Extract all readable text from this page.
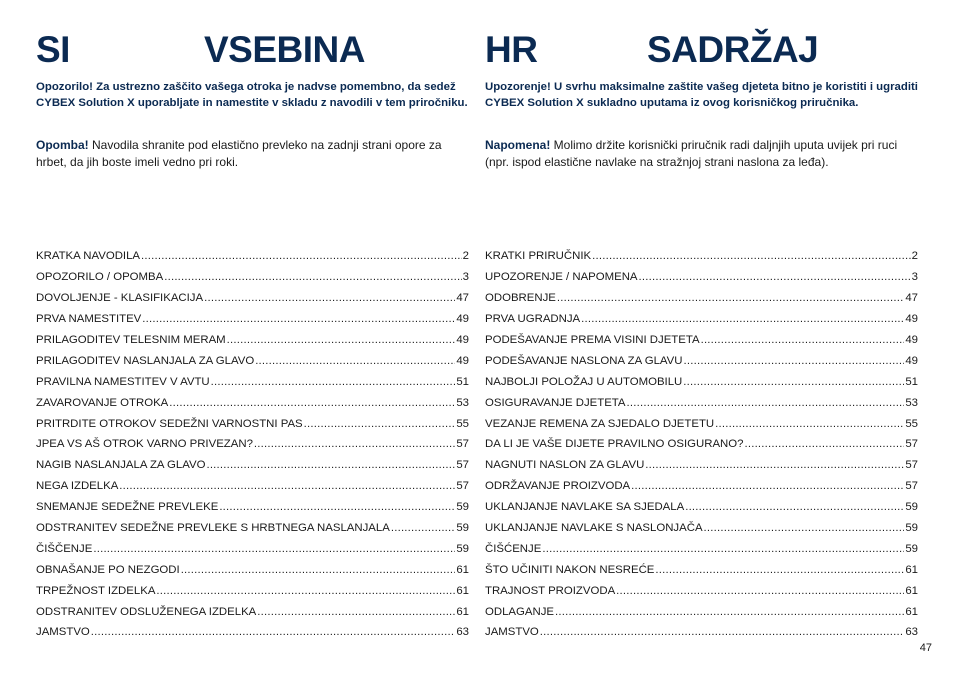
SI	VSEBINA
Opozorilo! Za ustrezno zaščito vašega otroka je nadvse pomembno, da sedež CYBEX Solution X uporabljate in namestite v skladu z navodili v tem priročniku.
Opomba! Navodila shranite pod elastično prevleko na zadnji strani opore za hrbet, da jih boste imeli vedno pri roki.
KRATKA NAVODILA .....	2
OPOZORILO / OPOMBA .....	3
DOVOLJENJE - KLASIFIKACIJA .....	47
PRVA NAMESTITEV .....	49
PRILAGODITEV TELESNIM MERAM .....	49
PRILAGODITEV NASLANJALA ZA GLAVO .....	49
PRAVILNA NAMESTITEV V AVTU .....	51
ZAVAROVANJE OTROKA .....	53
PRITRDITE OTROKOV SEDEŽNI VARNOSTNI PAS .....	55
JPEA VS AŠ OTROK VARNO PRIVEZAN? .....	57
NAGIB NASLANJALA ZA GLAVO .....	57
NEGA IZDELKA .....	57
SNEMANJE SEDEŽNE PREVLEKE .....	59
ODSTRANITEV SEDEŽNE PREVLEKE S HRBTNEGA NASLANJALA .....	59
ČIŠČENJE .....	59
OBNAŠANJE PO NEZGODI .....	61
TRPEŽNOST IZDELKA .....	61
ODSTRANITEV ODSLUŽENEGA IZDELKA .....	61
JAMSTVO .....	63
HR	SADRŽAJ
Upozorenje! U svrhu maksimalne zaštite vašeg djeteta bitno je koristiti i ugraditi CYBEX Solution X sukladno uputama iz ovog korisničkog priručnika.
Napomena! Molimo držite korisnički priručnik radi daljnjih uputa uvijek pri ruci (npr. ispod elastične navlake na stražnjoj strani naslona za leđa).
KRATKI PRIRUČNIK .....	2
UPOZORENJE / NAPOMENA .....	3
ODOBRENJE .....	47
PRVA UGRADNJA .....	49
PODEŠAVANJE PREMA VISINI DJETETA .....	49
PODEŠAVANJE NASLONA ZA GLAVU .....	49
NAJBOLJI POLOŽAJ U AUTOMOBILU .....	51
OSIGURAVANJE DJETETA .....	53
VEZANJE REMENA ZA SJEDALO DJETETU .....	55
DA LI JE VAŠE DIJETE PRAVILNO OSIGURANO? .....	57
NAGNUTI NASLON ZA GLAVU .....	57
ODRŽAVANJE PROIZVODA .....	57
UKLANJANJE NAVLAKE SA SJEDALA .....	59
UKLANJANJE NAVLAKE S NASLONJAČA .....	59
ČIŠĆENJE .....	59
ŠTO UČINITI NAKON NESREĆE .....	61
TRAJNOST PROIZVODA .....	61
ODLAGANJE .....	61
JAMSTVO .....	63
47
